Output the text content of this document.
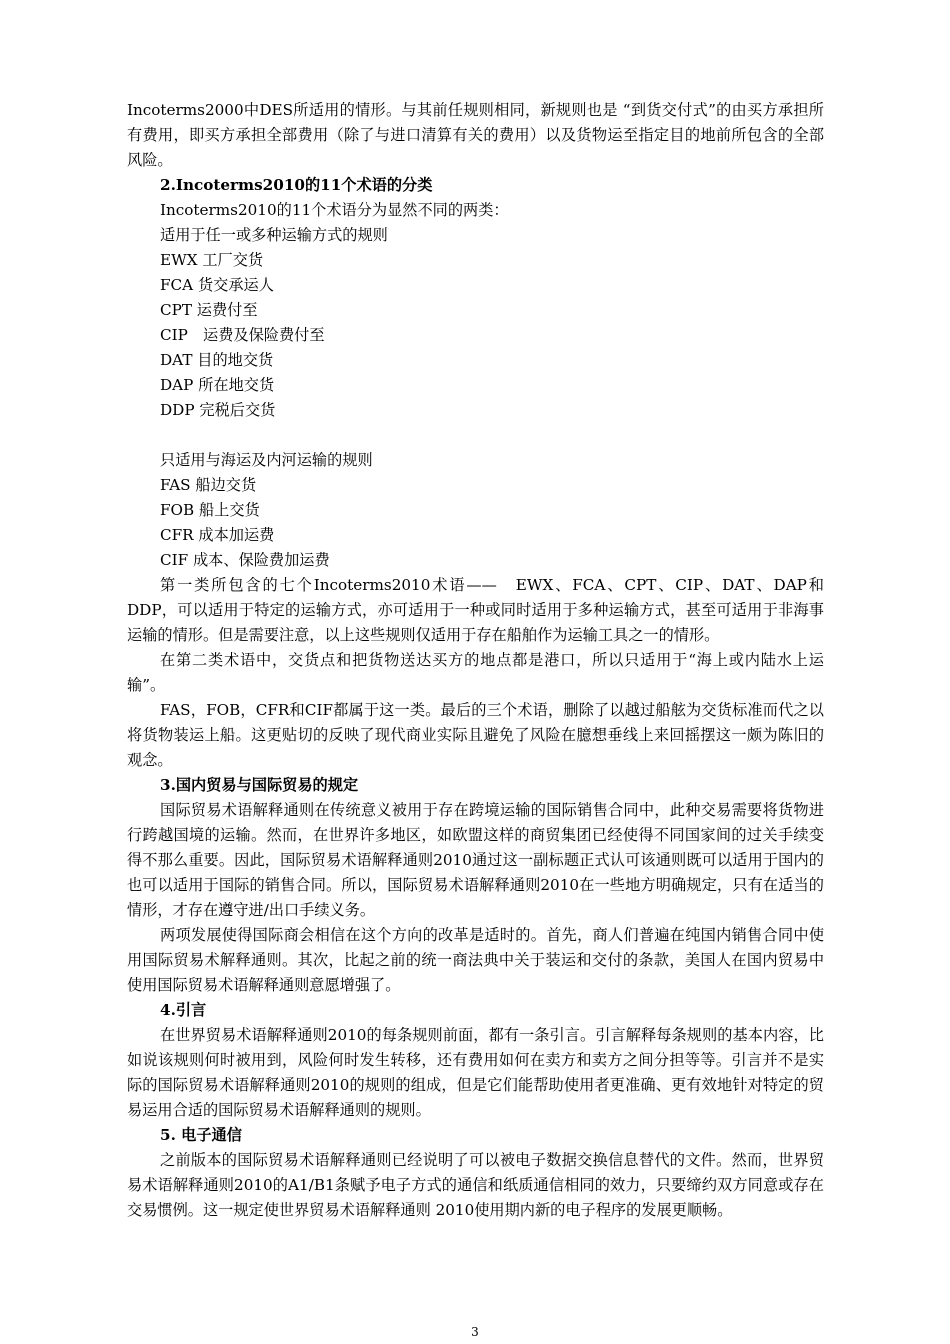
Incoterms2000中DES所适用的情形。与其前任规则相同，新规则也是 “到货交付式”的由买方承担所有费用，即买方承担全部费用（除了与进口清算有关的费用）以及货物运至指定目的地前所包含的全部风险。

2.Incoterms2010的11个术语的分类

Incoterms2010的11个术语分为显然不同的两类：

适用于任一或多种运输方式的规则

EWX 工厂交货

FCA 货交承运人

CPT 运费付至

CIP　运费及保险费付至

DAT 目的地交货

DAP 所在地交货

DDP 完税后交货

只适用与海运及内河运输的规则

FAS 船边交货

FOB 船上交货

CFR 成本加运费

CIF 成本、保险费加运费

第一类所包含的七个Incoterms2010术语——　EWX、FCA、CPT、CIP、DAT、DAP和DDP，可以适用于特定的运输方式，亦可适用于一种或同时适用于多种运输方式，甚至可适用于非海事运输的情形。但是需要注意，以上这些规则仅适用于存在船舶作为运输工具之一的情形。

在第二类术语中，交货点和把货物送达买方的地点都是港口，所以只适用于“海上或内陆水上运输”。

FAS，FOB，CFR和CIF都属于这一类。最后的三个术语，删除了以越过船舷为交货标准而代之以将货物装运上船。这更贴切的反映了现代商业实际且避免了风险在臆想垂线上来回摇摆这一颇为陈旧的观念。

3.国内贸易与国际贸易的规定

国际贸易术语解释通则在传统意义被用于存在跨境运输的国际销售合同中，此种交易需要将货物进行跨越国境的运输。然而，在世界许多地区，如欧盟这样的商贸集团已经使得不同国家间的过关手续变得不那么重要。因此，国际贸易术语解释通则2010通过这一副标题正式认可该通则既可以适用于国内的也可以适用于国际的销售合同。所以，国际贸易术语解释通则2010在一些地方明确规定，只有在适当的情形，才存在遵守进/出口手续义务。

两项发展使得国际商会相信在这个方向的改革是适时的。首先，商人们普遍在纯国内销售合同中使用国际贸易术解释通则。其次，比起之前的统一商法典中关于装运和交付的条款，美国人在国内贸易中使用国际贸易术语解释通则意愿增强了。

4.引言

在世界贸易术语解释通则2010的每条规则前面，都有一条引言。引言解释每条规则的基本内容，比如说该规则何时被用到，风险何时发生转移，还有费用如何在卖方和卖方之间分担等等。引言并不是实际的国际贸易术语解释通则2010的规则的组成，但是它们能帮助使用者更准确、更有效地针对特定的贸易运用合适的国际贸易术语解释通则的规则。

5. 电子通信

之前版本的国际贸易术语解释通则已经说明了可以被电子数据交换信息替代的文件。然而，世界贸易术语解释通则2010的A1/B1条赋予电子方式的通信和纸质通信相同的效力，只要缔约双方同意或存在交易惯例。这一规定使世界贸易术语解释通则 2010使用期内新的电子程序的发展更顺畅。

3
